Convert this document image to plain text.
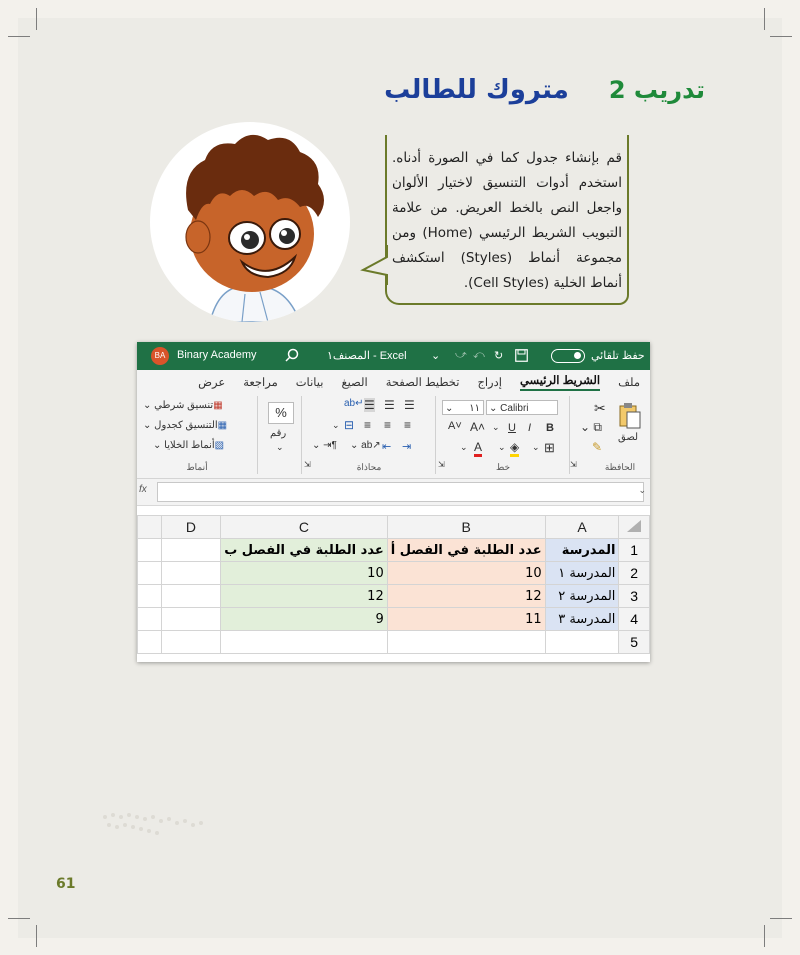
تدريب 2
متروك للطالب
قم بإنشاء جدول كما في الصورة أدناه. استخدم أدوات التنسيق لاختيار الألوان واجعل النص بالخط العريض. من علامة التبويب الشريط الرئيسي (Home) ومن مجموعة أنماط (Styles) استكشف أنماط الخلية (Cell Styles).
BA	Binary Academy	المصنف١ - Excel ⌄ ⤻ ⤺ ↻	حفظ تلقائي
ملف
الشريط الرئيسي
إدراج
تخطيط الصفحة
الصيغ
بيانات
مراجعة
عرض
لصق
✂
⌄ ⧉
✎
⇲	الحافظة
⌄ Calibri
⌄ ١١
B
I
U
⌄
A˄
A˅
⊞
⌄
◈
⌄
A
⌄
⇲	خط
☰
☰
☰
ab↵
≡
≡
≡
⊟
⌄
⇥
⇤
⌄ ab↗
⌄ ⇥¶
⇲	محاذاة
%
رقم
⌄
▦تنسيق شرطي ⌄
▦التنسيق كجدول ⌄
▧أنماط الخلايا ⌄
أنماط
fx	⌄
	D	C	B	A	
		عدد الطلبة في الفصل ب	عدد الطلبة في الفصل أ	المدرسة	1
		10	10	المدرسة ١	2
		12	12	المدرسة ٢	3
		9	11	المدرسة ٣	4
					5
61
